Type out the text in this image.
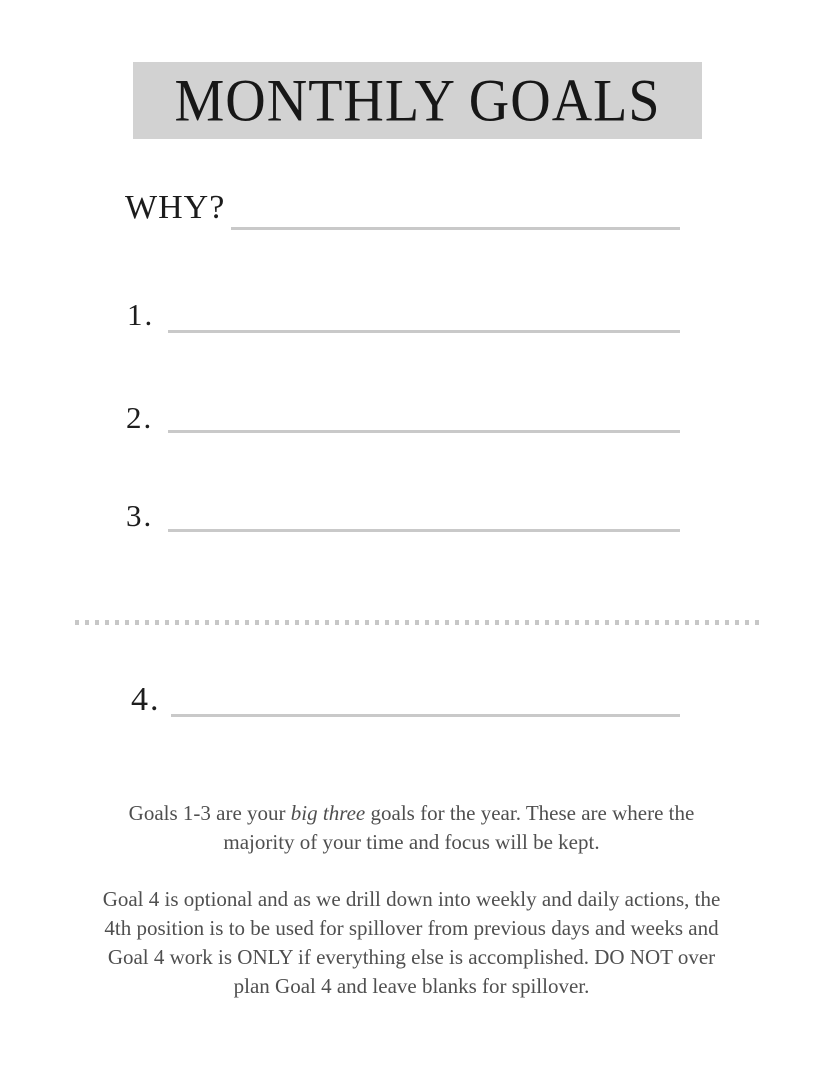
MONTHLY GOALS
WHY?
1.
2.
3.
4.
Goals 1-3 are your big three goals for the year. These are where the majority of your time and focus will be kept.
Goal 4 is optional and as we drill down into weekly and daily actions, the 4th position is to be used for spillover from previous days and weeks and Goal 4 work is ONLY if everything else is accomplished. DO NOT over plan Goal 4 and leave blanks for spillover.
